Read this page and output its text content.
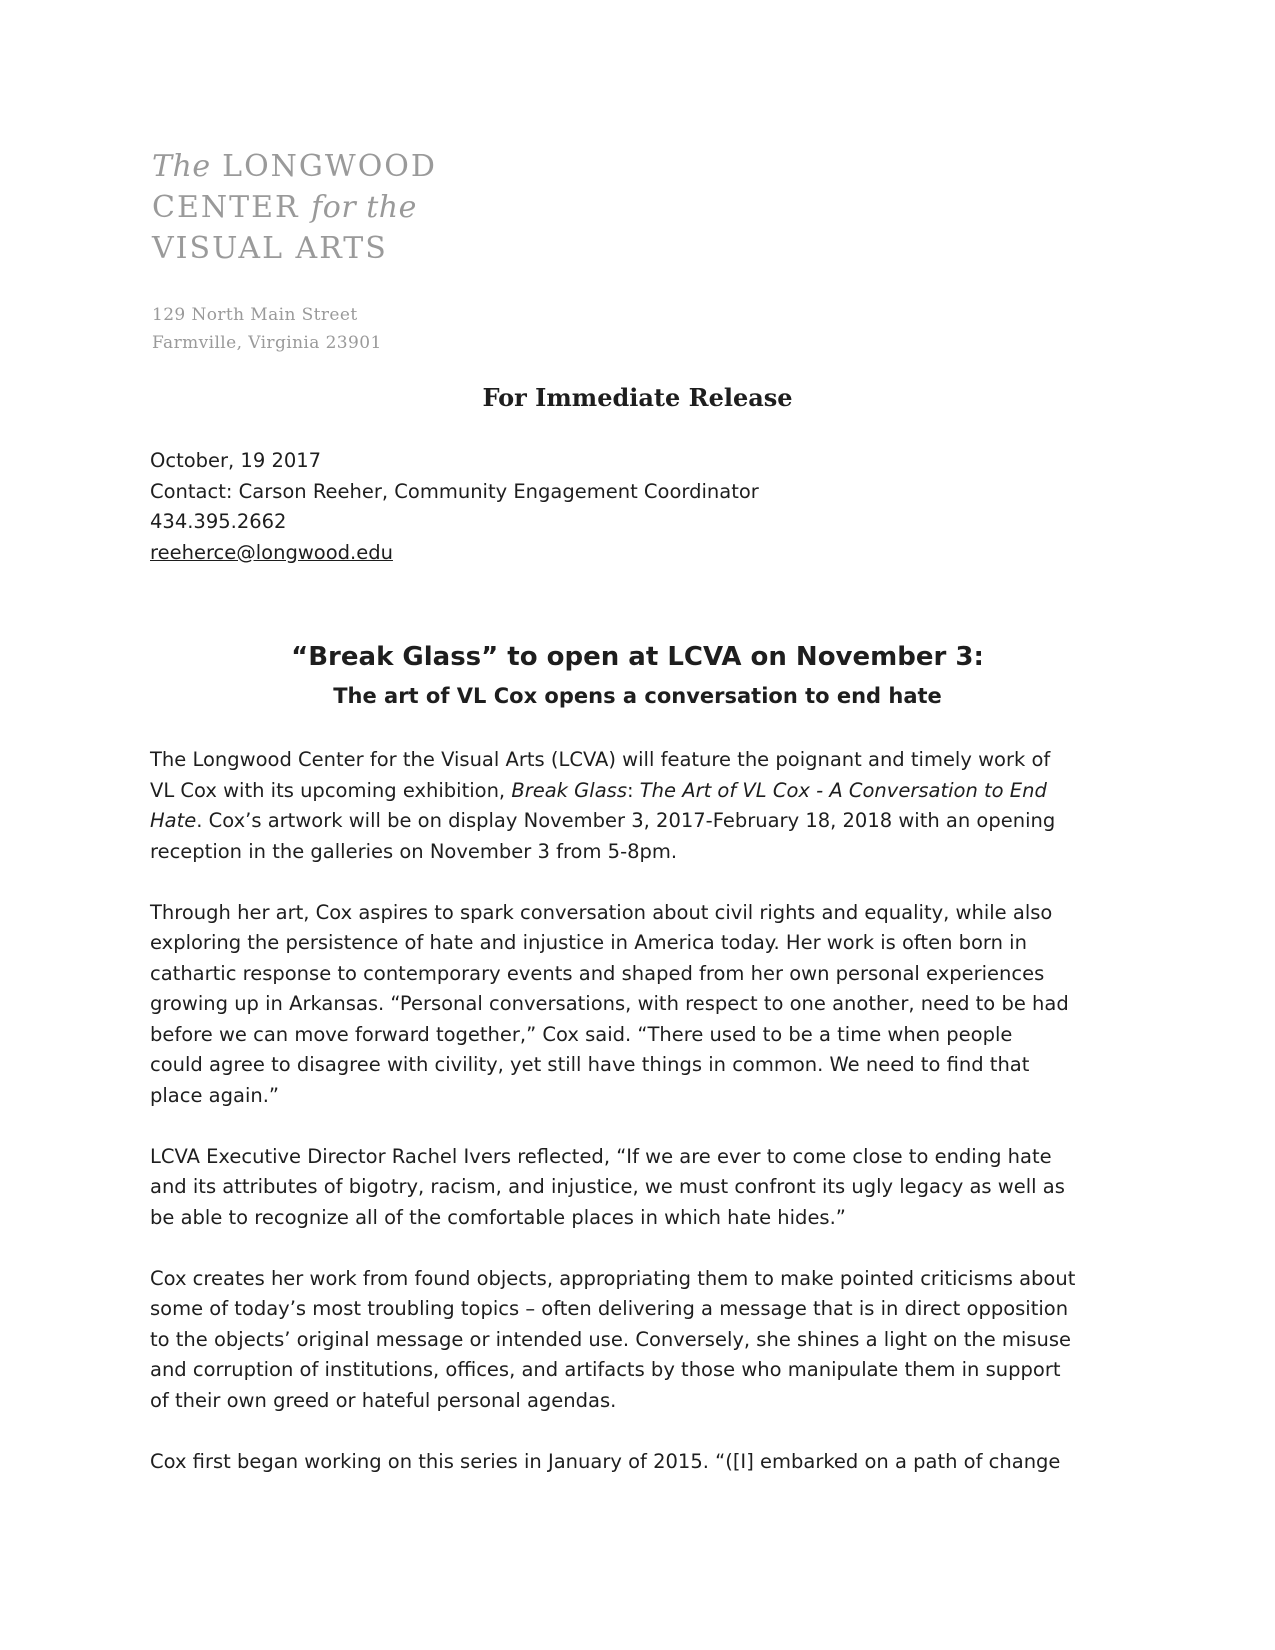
The LONGWOOD
CENTER for the
VISUAL ARTS
129 North Main Street
Farmville, Virginia 23901
For Immediate Release
October, 19 2017
Contact: Carson Reeher, Community Engagement Coordinator
434.395.2662
reeherce@longwood.edu
“Break Glass” to open at LCVA on November 3:
The art of VL Cox opens a conversation to end hate
The Longwood Center for the Visual Arts (LCVA) will feature the poignant and timely work of
VL Cox with its upcoming exhibition, Break Glass: The Art of VL Cox - A Conversation to End
Hate. Cox’s artwork will be on display November 3, 2017-February 18, 2018 with an opening
reception in the galleries on November 3 from 5-8pm.
Through her art, Cox aspires to spark conversation about civil rights and equality, while also
exploring the persistence of hate and injustice in America today. Her work is often born in
cathartic response to contemporary events and shaped from her own personal experiences
growing up in Arkansas. “Personal conversations, with respect to one another, need to be had
before we can move forward together,” Cox said. “There used to be a time when people
could agree to disagree with civility, yet still have things in common. We need to find that
place again.”
LCVA Executive Director Rachel Ivers reflected, “If we are ever to come close to ending hate
and its attributes of bigotry, racism, and injustice, we must confront its ugly legacy as well as
be able to recognize all of the comfortable places in which hate hides.”
Cox creates her work from found objects, appropriating them to make pointed criticisms about
some of today’s most troubling topics – often delivering a message that is in direct opposition
to the objects’ original message or intended use. Conversely, she shines a light on the misuse
and corruption of institutions, offices, and artifacts by those who manipulate them in support
of their own greed or hateful personal agendas.
Cox first began working on this series in January of 2015. “([I] embarked on a path of change
